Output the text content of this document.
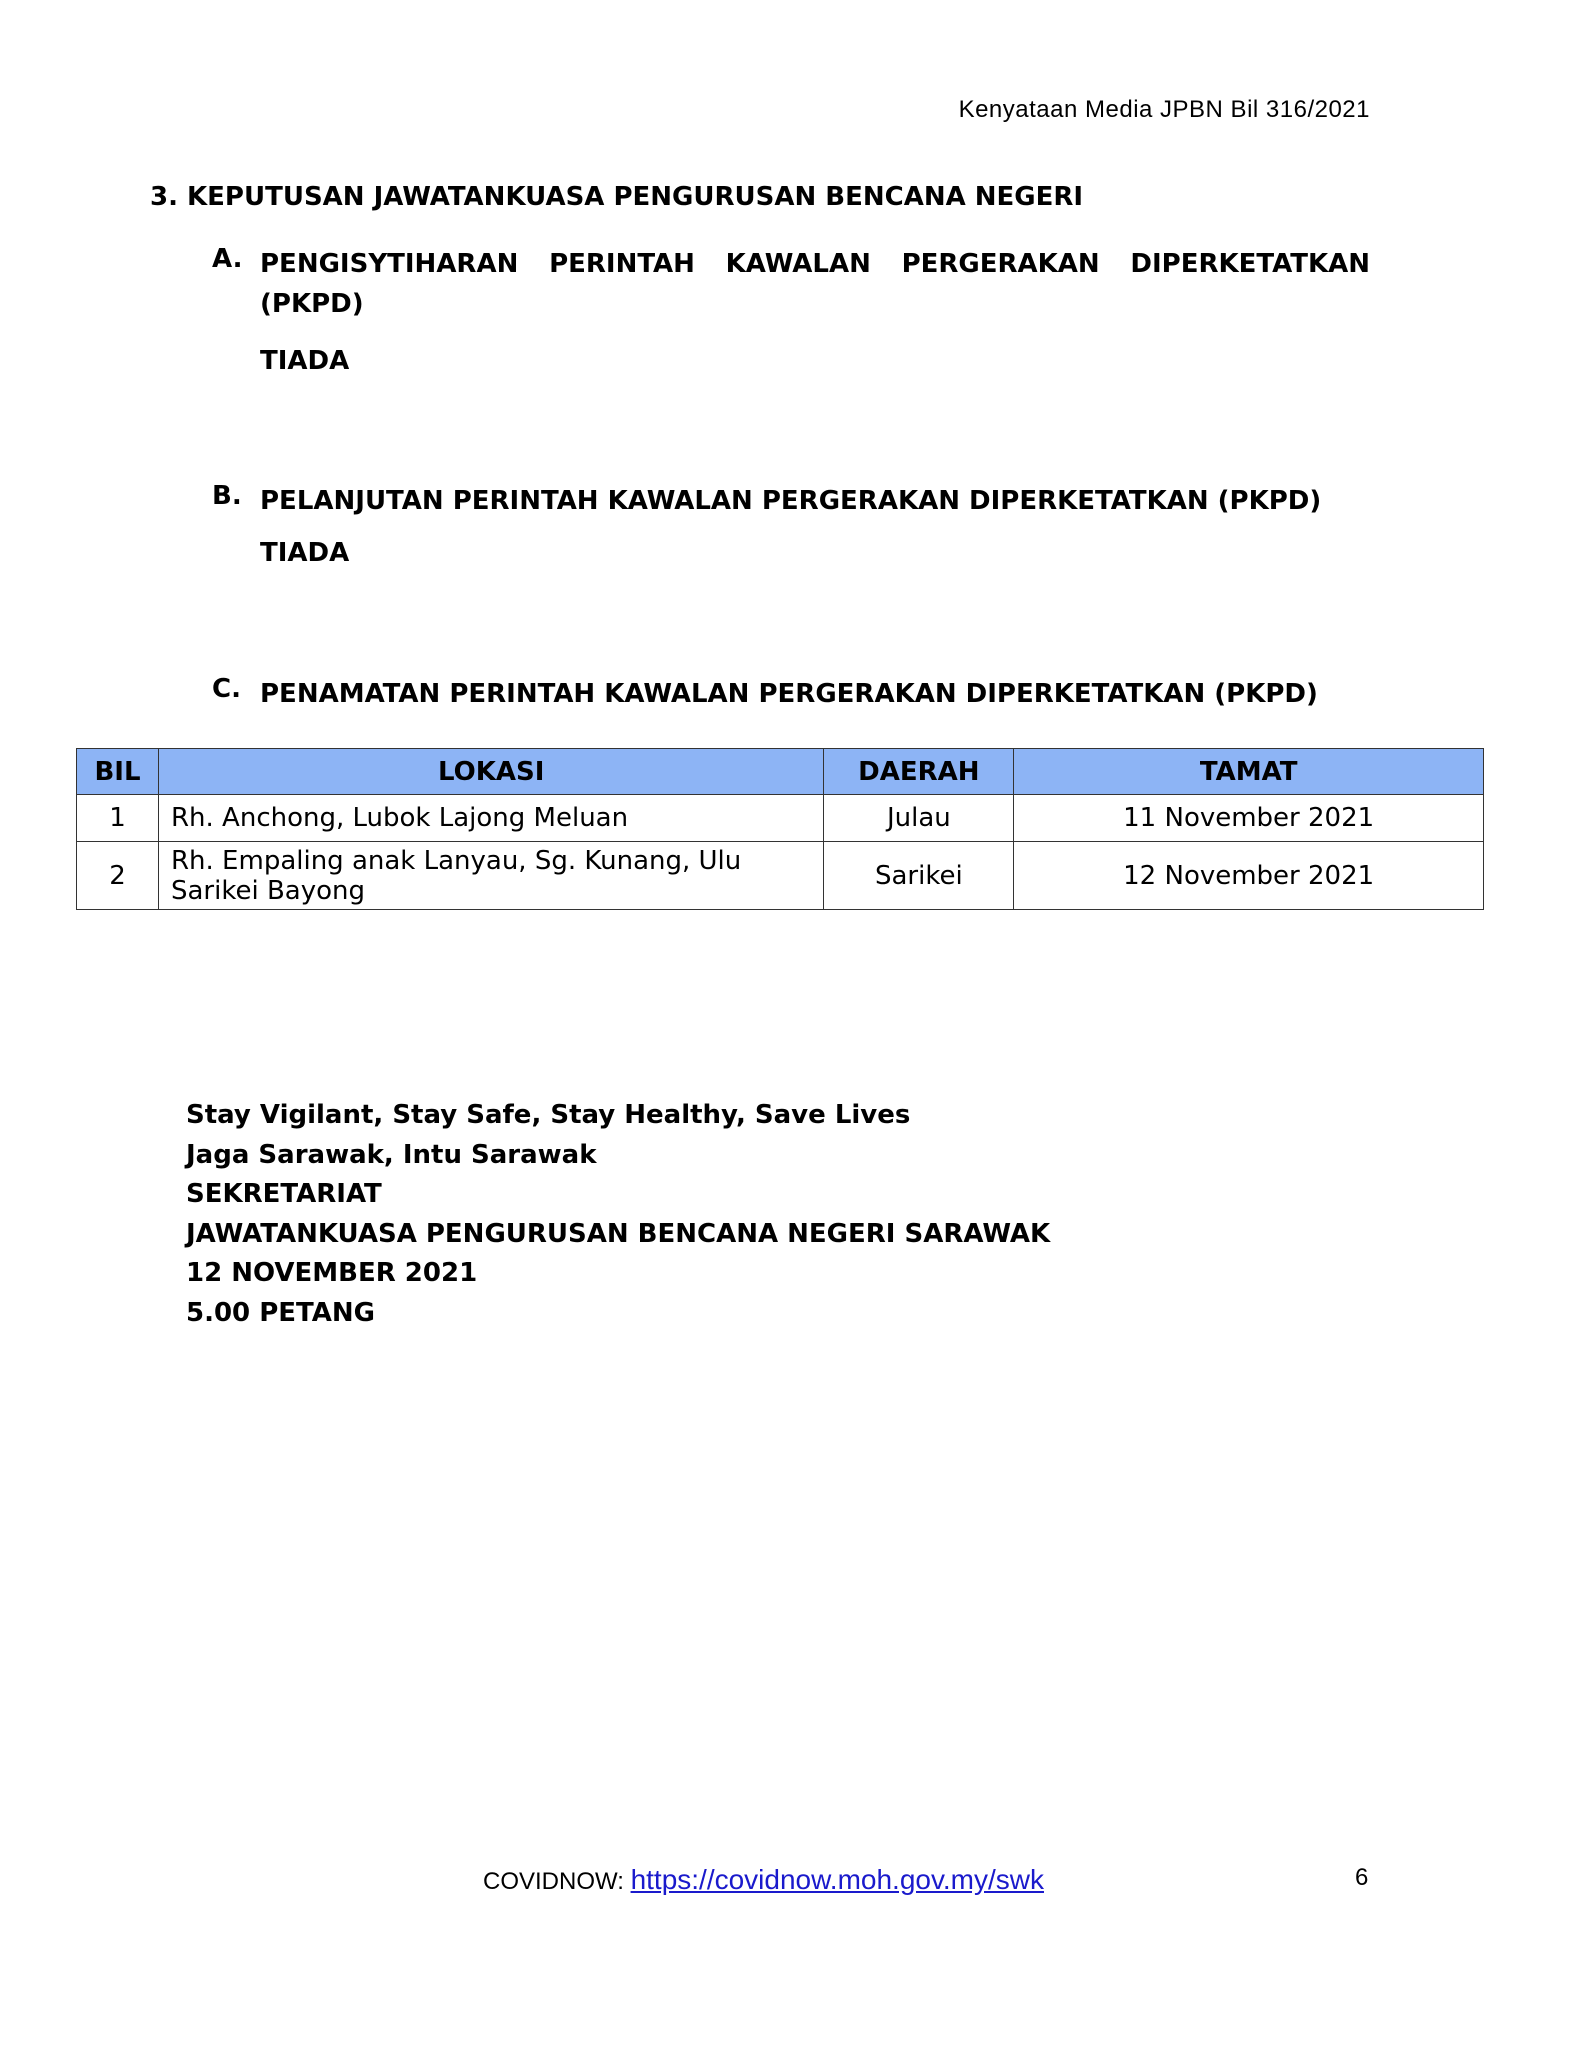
Kenyataan Media JPBN Bil 316/2021
3. KEPUTUSAN JAWATANKUASA PENGURUSAN BENCANA NEGERI
A. PENGISYTIHARAN PERINTAH KAWALAN PERGERAKAN DIPERKETATKAN
(PKPD)
TIADA
B. PELANJUTAN PERINTAH KAWALAN PERGERAKAN DIPERKETATKAN (PKPD)
TIADA
C. PENAMATAN PERINTAH KAWALAN PERGERAKAN DIPERKETATKAN (PKPD)
BIL	LOKASI	DAERAH	TAMAT
1	Rh. Anchong, Lubok Lajong Meluan	Julau	11 November 2021
2	Rh. Empaling anak Lanyau, Sg. Kunang, Ulu
Sarikei Bayong	Sarikei	12 November 2021
Stay Vigilant, Stay Safe, Stay Healthy, Save Lives
Jaga Sarawak, Intu Sarawak
SEKRETARIAT
JAWATANKUASA PENGURUSAN BENCANA NEGERI SARAWAK
12 NOVEMBER 2021
5.00 PETANG
COVIDNOW: https://covidnow.moh.gov.my/swk	6
